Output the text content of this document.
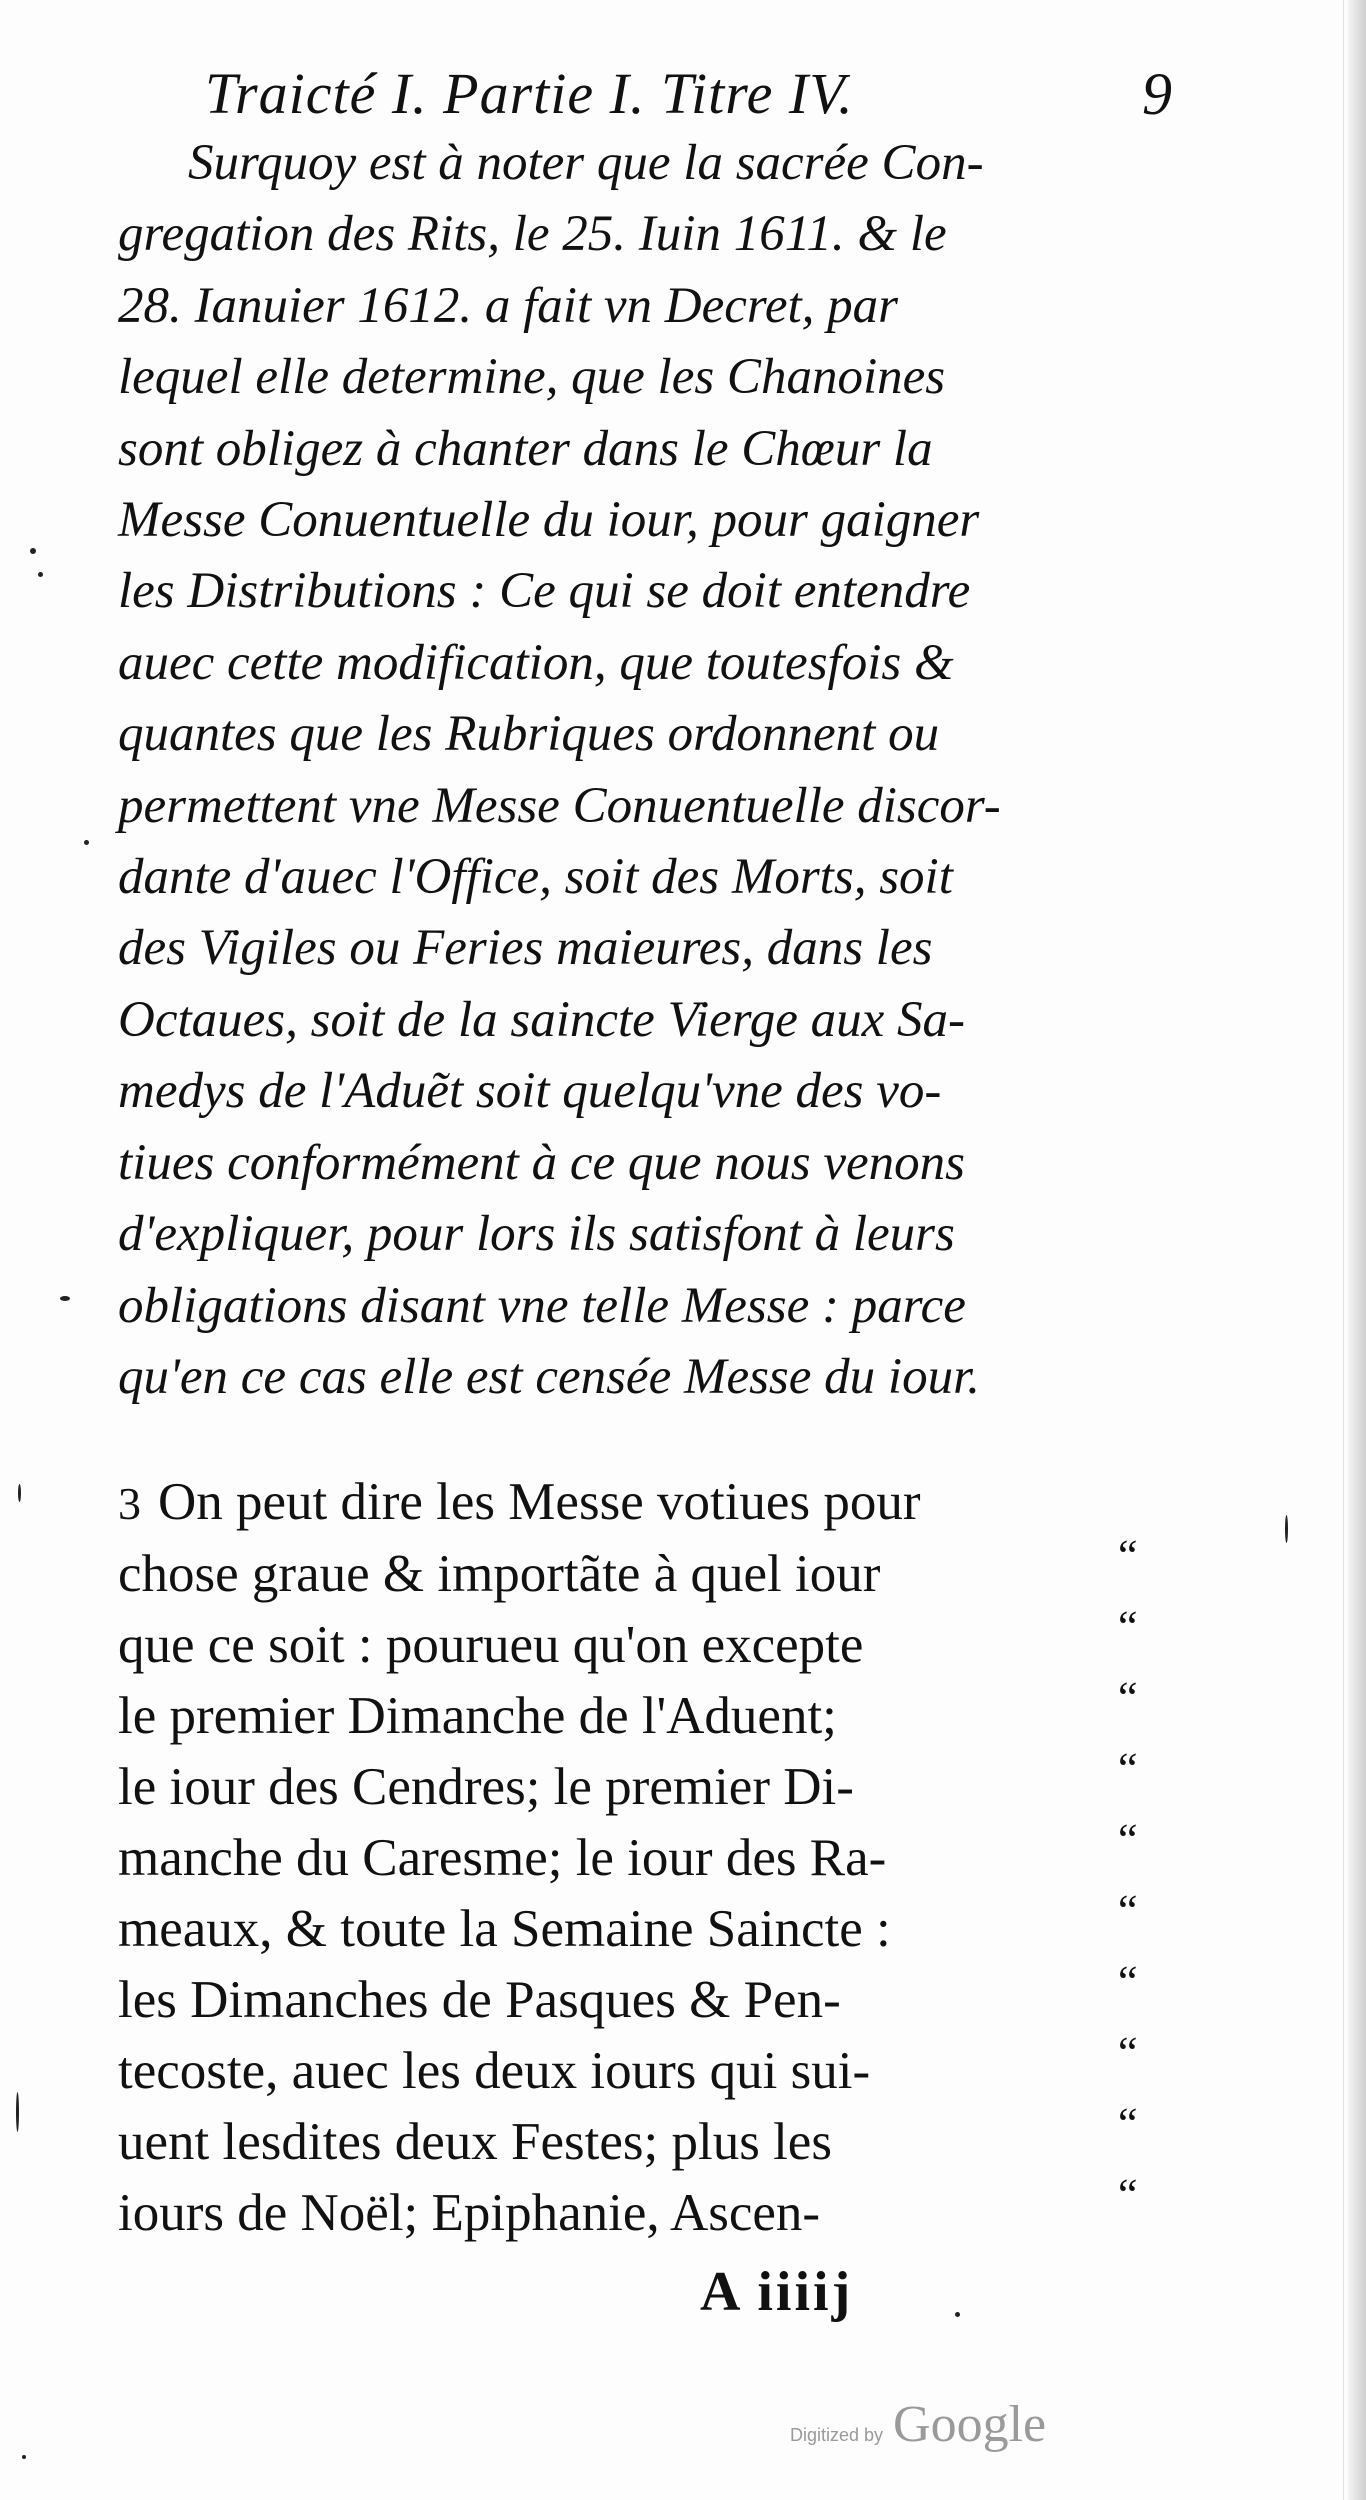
Traicté I. Partie I. Titre IV.	9
Surquoy est à noter que la sacrée Con-
gregation des Rits, le 25. Iuin 1611. & le
28. Ianuier 1612. a fait vn Decret, par
lequel elle determine, que les Chanoines
sont obligez à chanter dans le Chœur la
Messe Conuentuelle du iour, pour gaigner
les Distributions : Ce qui se doit entendre
auec cette modification, que toutesfois &
quantes que les Rubriques ordonnent ou
permettent vne Messe Conuentuelle discor-
dante d'auec l'Office, soit des Morts, soit
des Vigiles ou Feries maieures, dans les
Octaues, soit de la saincte Vierge aux Sa-
medys de l'Aduẽt soit quelqu'vne des vo-
tiues conformément à ce que nous venons
d'expliquer, pour lors ils satisfont à leurs
obligations disant vne telle Messe : parce
qu'en ce cas elle est censée Messe du iour.
3 On peut dire les Messe votiues pour
chose graue & importãte à quel iour
que ce soit : pourueu qu'on excepte
le premier Dimanche de l'Aduent;
le iour des Cendres; le premier Di-
manche du Caresme; le iour des Ra-
meaux, & toute la Semaine Saincte :
les Dimanches de Pasques & Pen-
tecoste, auec les deux iours qui sui-
uent lesdites deux Festes; plus les
iours de Noël; Epiphanie, Ascen-
“
“
“
“
“
“
“
“
“
“
A iiiij
Digitized by Google
